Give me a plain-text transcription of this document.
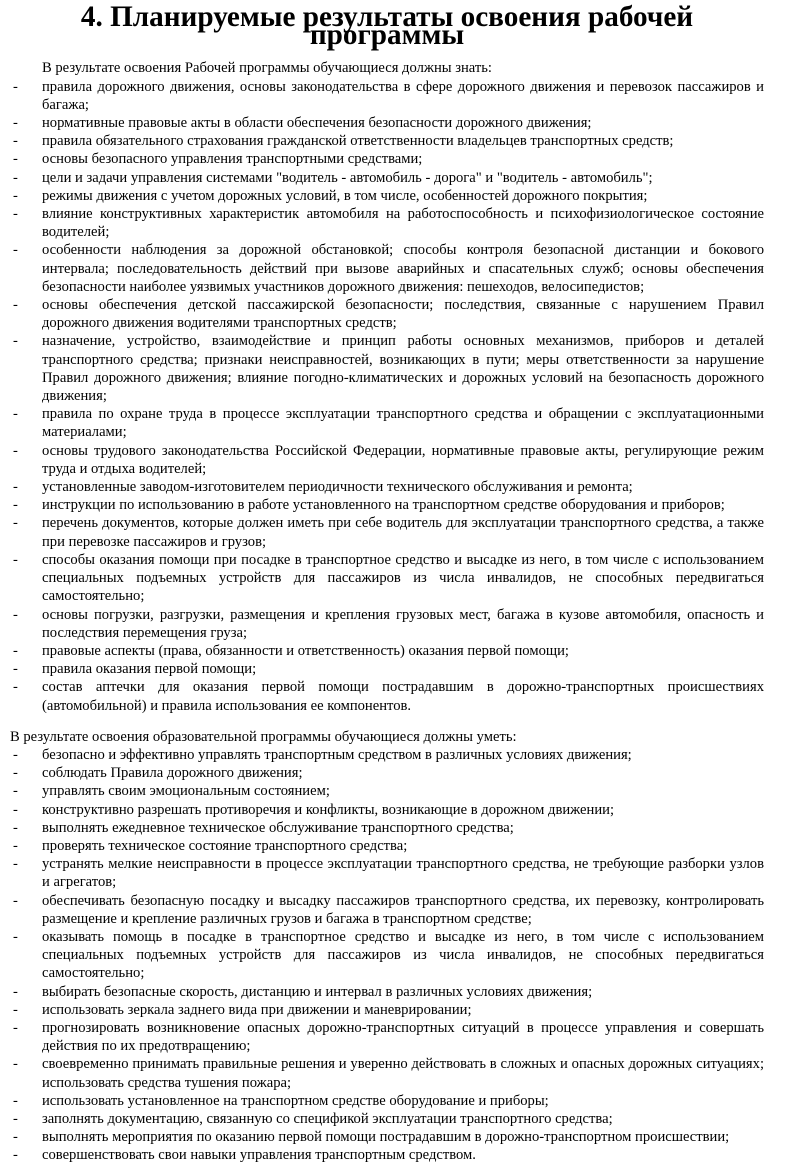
4. Планируемые результаты освоения рабочей программы

В результате освоения Рабочей программы обучающиеся должны знать:

- правила дорожного движения, основы законодательства в сфере дорожного движения и перевозок пассажиров и багажа;
- нормативные правовые акты в области обеспечения безопасности дорожного движения;
- правила обязательного страхования гражданской ответственности владельцев транспортных средств;
- основы безопасного управления транспортными средствами;
- цели и задачи управления системами "водитель - автомобиль - дорога" и "водитель - автомобиль";
- режимы движения с учетом дорожных условий, в том числе, особенностей дорожного покрытия;
- влияние конструктивных характеристик автомобиля на работоспособность и психофизиологическое состояние водителей;
- особенности наблюдения за дорожной обстановкой; способы контроля безопасной дистанции и бокового интервала; последовательность действий при вызове аварийных и спасательных служб; основы обеспечения безопасности наиболее уязвимых участников дорожного движения: пешеходов, велосипедистов;
- основы обеспечения детской пассажирской безопасности; последствия, связанные с нарушением Правил дорожного движения водителями транспортных средств;
- назначение, устройство, взаимодействие и принцип работы основных механизмов, приборов и деталей транспортного средства; признаки неисправностей, возникающих в пути; меры ответственности за нарушение Правил дорожного движения; влияние погодно-климатических и дорожных условий на безопасность дорожного движения;
- правила по охране труда в процессе эксплуатации транспортного средства и обращении с эксплуатационными материалами;
- основы трудового законодательства Российской Федерации, нормативные правовые акты, регулирующие режим труда и отдыха водителей;
- установленные заводом-изготовителем периодичности технического обслуживания и ремонта;
- инструкции по использованию в работе установленного на транспортном средстве оборудования и приборов;
- перечень документов, которые должен иметь при себе водитель для эксплуатации транспортного средства, а также при перевозке пассажиров и грузов;
- способы оказания помощи при посадке в транспортное средство и высадке из него, в том числе с использованием специальных подъемных устройств для пассажиров из числа инвалидов, не способных передвигаться самостоятельно;
- основы погрузки, разгрузки, размещения и крепления грузовых мест, багажа в кузове автомобиля, опасность и последствия перемещения груза;
- правовые аспекты (права, обязанности и ответственность) оказания первой помощи;
- правила оказания первой помощи;
- состав аптечки для оказания первой помощи пострадавшим в дорожно-транспортных происшествиях (автомобильной) и правила использования ее компонентов.

В результате освоения образовательной программы обучающиеся должны уметь:

- безопасно и эффективно управлять транспортным средством в различных условиях движения;
- соблюдать Правила дорожного движения;
- управлять своим эмоциональным состоянием;
- конструктивно разрешать противоречия и конфликты, возникающие в дорожном движении;
- выполнять ежедневное техническое обслуживание транспортного средства;
- проверять техническое состояние транспортного средства;
- устранять мелкие неисправности в процессе эксплуатации транспортного средства, не требующие разборки узлов и агрегатов;
- обеспечивать безопасную посадку и высадку пассажиров транспортного средства, их перевозку, контролировать размещение и крепление различных грузов и багажа в транспортном средстве;
- оказывать помощь в посадке в транспортное средство и высадке из него, в том числе с использованием специальных подъемных устройств для пассажиров из числа инвалидов, не способных передвигаться самостоятельно;
- выбирать безопасные скорость, дистанцию и интервал в различных условиях движения;
- использовать зеркала заднего вида при движении и маневрировании;
- прогнозировать возникновение опасных дорожно-транспортных ситуаций в процессе управления и совершать действия по их предотвращению;
- своевременно принимать правильные решения и уверенно действовать в сложных и опасных дорожных ситуациях; использовать средства тушения пожара;
- использовать установленное на транспортном средстве оборудование и приборы;
- заполнять документацию, связанную со спецификой эксплуатации транспортного средства;
- выполнять мероприятия по оказанию первой помощи пострадавшим в дорожно-транспортном происшествии;
- совершенствовать свои навыки управления транспортным средством.
